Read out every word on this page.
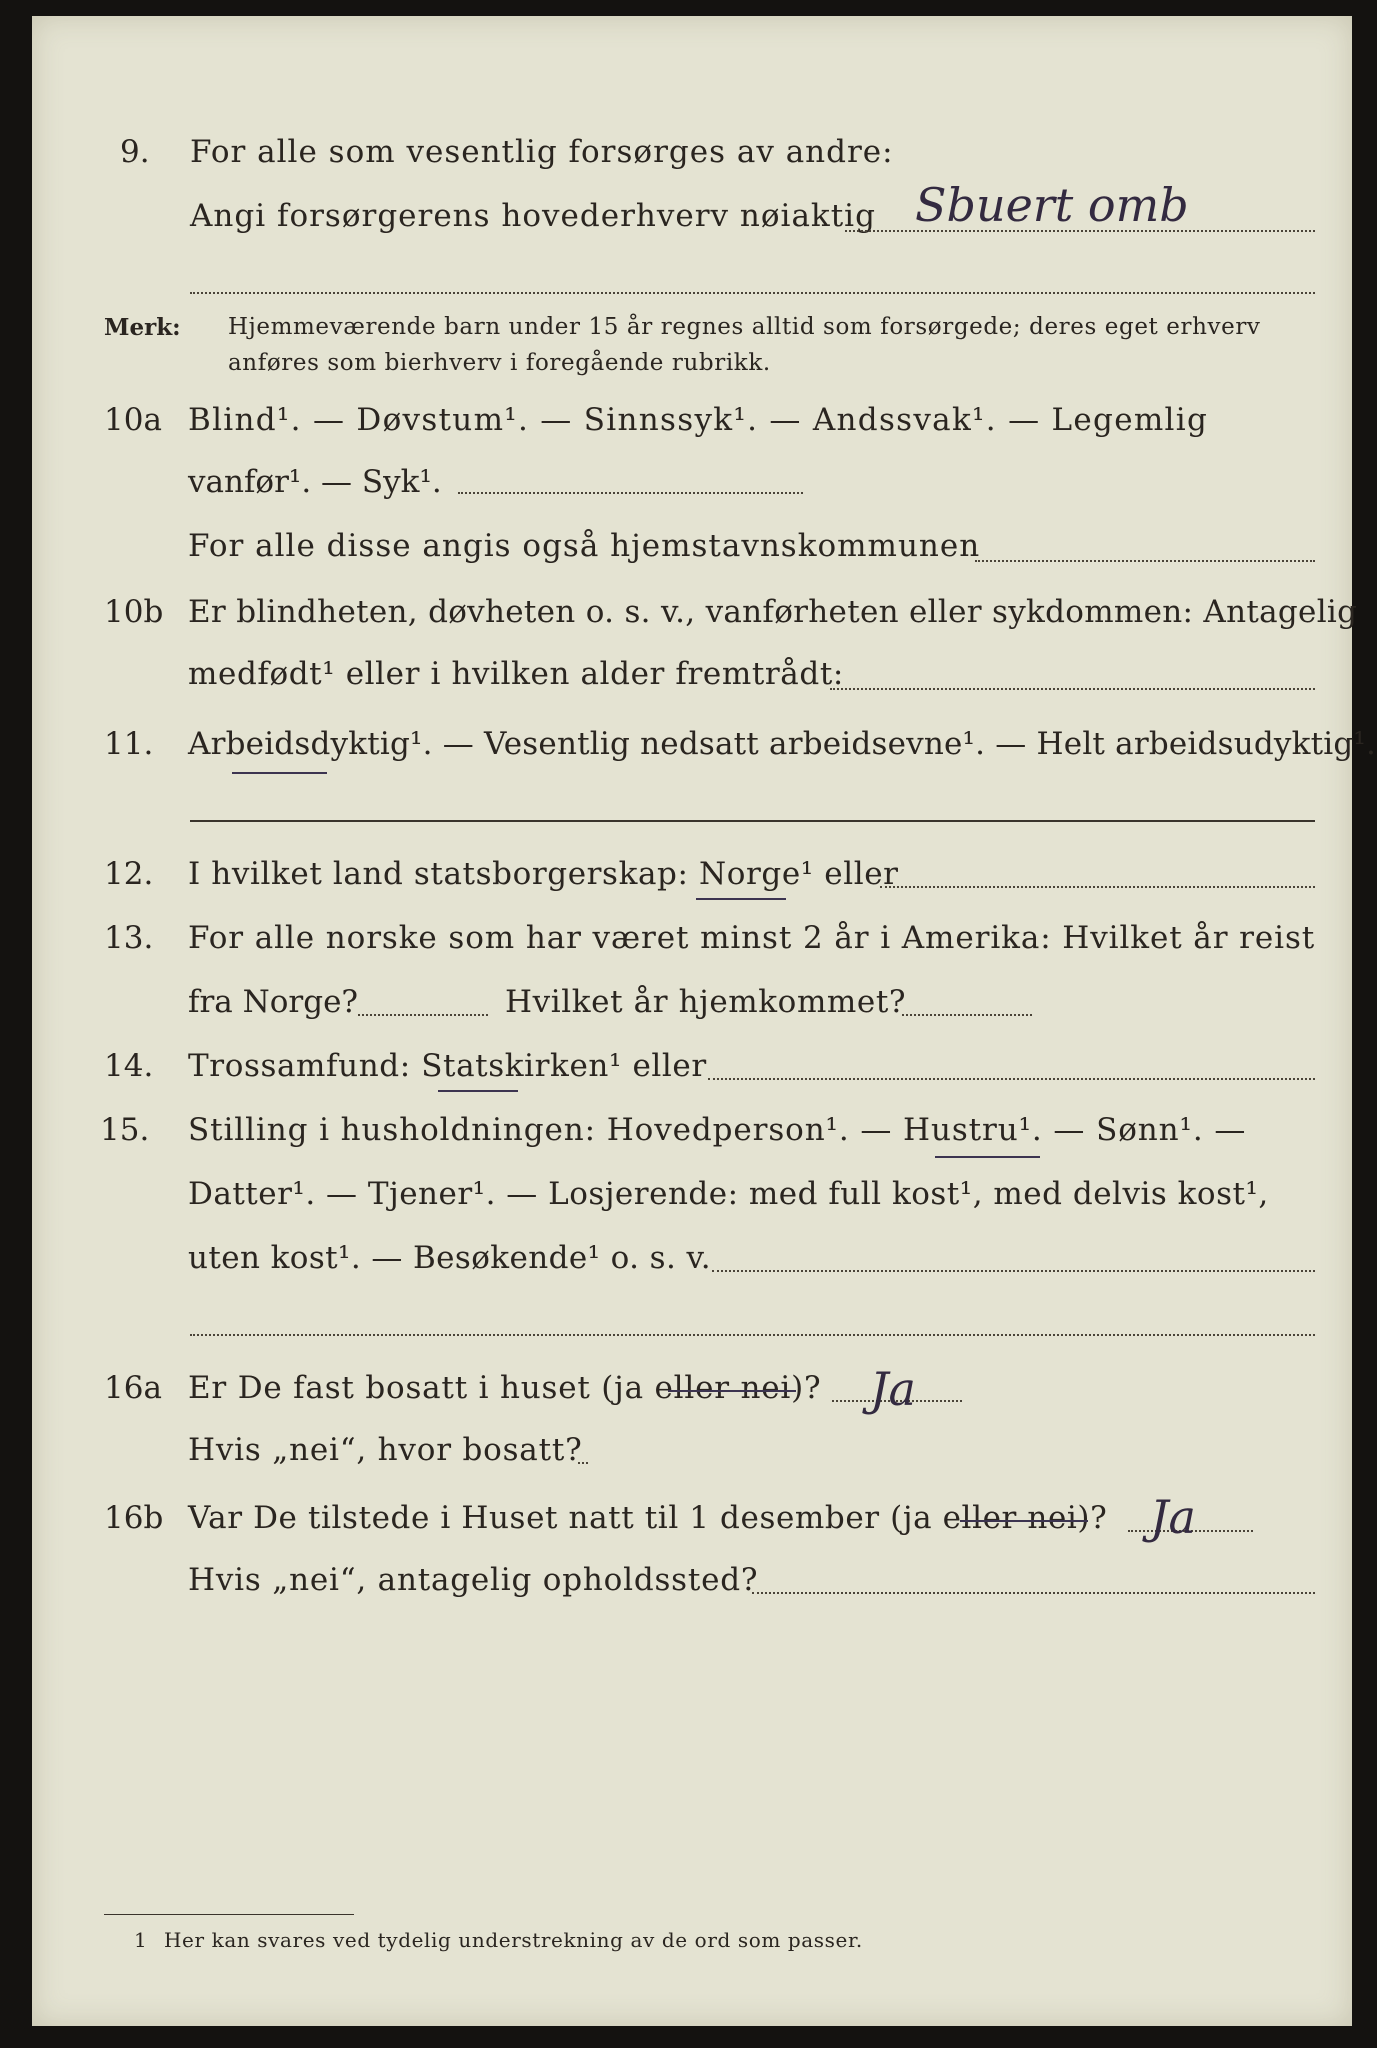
9. For alle som vesentlig forsørges av andre:
Angi forsørgerens hovederhverv nøiaktig Sbuert omb
Merk: Hjemmeværende barn under 15 år regnes alltid som forsørgede; deres eget erhverv
anføres som bierhverv i foregående rubrikk.
10a Blind¹. — Døvstum¹. — Sinnssyk¹. — Andssvak¹. — Legemlig
vanfør¹. — Syk¹.
For alle disse angis også hjemstavnskommunen
10b Er blindheten, døvheten o. s. v., vanførheten eller sykdommen: Antagelig
medfødt¹ eller i hvilken alder fremtrådt:
11. Arbeidsdyktig¹. — Vesentlig nedsatt arbeidsevne¹. — Helt arbeidsudyktig¹.
12. I hvilket land statsborgerskap: Norge¹ eller
13. For alle norske som har været minst 2 år i Amerika: Hvilket år reist
fra Norge?	Hvilket år hjemkommet?
14. Trossamfund: Statskirken¹ eller
15. Stilling i husholdningen: Hovedperson¹. — Hustru¹. — Sønn¹. —
Datter¹. — Tjener¹. — Losjerende: med full kost¹, med delvis kost¹,
uten kost¹. — Besøkende¹ o. s. v.
16a Er De fast bosatt i huset (ja eller nei)? Ja
Hvis „nei“, hvor bosatt?
16b Var De tilstede i Huset natt til 1 desember (ja eller nei)? Ja
Hvis „nei“, antagelig opholdssted?
1 Her kan svares ved tydelig understrekning av de ord som passer.
